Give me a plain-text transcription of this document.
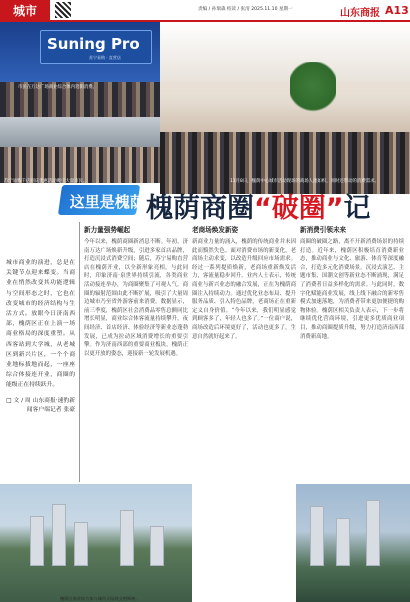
城市	责编 / 孙瑞森 校读 / 张清 2025.11.10 星期一	山东商报 A13
Suning Pro
苏宁易购 · 直营店
市民在万达广场商业综合体内逛街消费。
11月8日，槐荫中心城市活动现场的商场人流如织，同时还带动的消费需求。
苏宁易购千店同庆优惠活动吸引大量市民。
这里是槐荫 槐荫商圈“破圈”记
城市商业的演进，总是在关键节点迎来蝶变。当商业在悄然改变其功能逻辑与空间形态之时，它也在改变城市的经济结构与生活方式。放眼今日济南西部，槐荫区正在上演一场商业格局的深度重塑。从西客站到大学城，从老城区到新兴片区，一个个商业地标拔地而起，一座座综合体接连开业，商圈的能级正在持续跃升。
□ 文 / 周 山东商报·速豹新闻客户端记者 张豪
新力量强势崛起
今年以来，槐荫商圈新消息不断。年初，济南万达广场焕新升级，引进多家首店品牌，打造沉浸式消费空间；随后，苏宁易购直营店在槐荫开业，以全新形象亮相。与此同时，印象济南·泉世界持续引流，各类商业活动接连举办，为商圈聚集了可观人气。商圈的辐射范围由此不断扩展，吸引了大量周边城市乃至省外游客前来消费。数据显示，前三季度，槐荫区社会消费品零售总额同比增长明显，商业综合体客流量持续攀升，夜间经济、首店经济、体验经济等新业态蓬勃发展，已成为拉动区域消费增长的重要引擎。作为济南西部的重要商业板块，槐荫正以更开放的姿态，迎接新一轮发展机遇。
老商场焕发新姿
新商业力量的涌入，槐荫的传统商业并未因此而黯然失色。面对消费市场的新变化，老商场主动求变，以改造升级回应市场需求。经过一系列提质焕新，老商场重新焕发活力，客流量稳步回升。业内人士表示，传统商业与新兴业态的融合发展，正在为槐荫商圈注入持续动力。通过优化业态布局、提升服务品质、引入特色品牌，老商场正在重新定义自身价值。“今年以来，我们明显感觉到顾客多了，年轻人也多了。”一位商户说，商场改造后环境更好了，活动也更多了，生意自然就好起来了。
新消费引领未来
商圈的破圈之路，离不开新消费场景的持续打造。近年来，槐荫区积极培育消费新业态，推动商业与文化、旅游、体育等深度融合，打造多元化消费场景。沉浸式演艺、主题市集、国潮文创等新业态不断涌现，满足了消费者日益多样化的需求。与此同时，数字化赋能商业发展，线上线下融合的新零售模式加速落地，为消费者带来更加便捷的购物体验。槐荫区相关负责人表示，下一步将继续优化营商环境，引进更多优质商业项目，推动商圈提质升级，努力打造济南西部消费新高地。
槐荫区商业综合体与城市天际线交相辉映。
